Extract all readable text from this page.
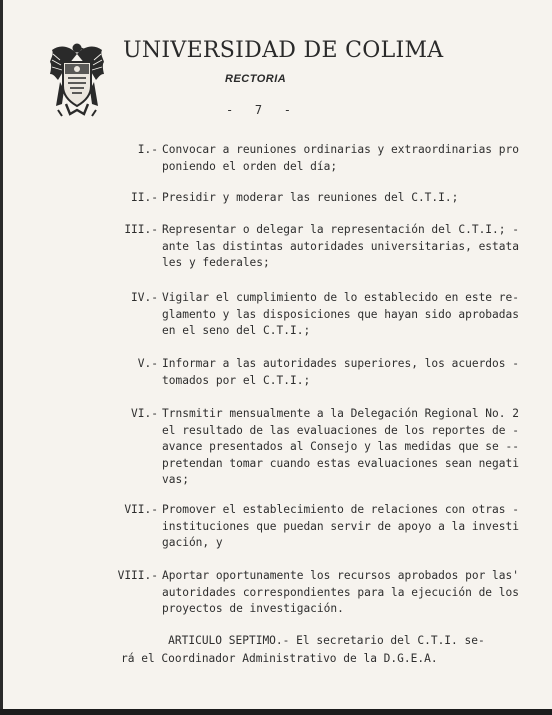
UNIVERSIDAD DE COLIMA
RECTORIA
-   7   -
I.- Convocar a reuniones ordinarias y extraordinarias pro
poniendo el orden del día;
II.- Presidir y moderar las reuniones del C.T.I.;
III.- Representar o delegar la representación del C.T.I.; -
ante las distintas autoridades universitarias, estata
les y federales;
IV.- Vigilar el cumplimiento de lo establecido en este re-
glamento y las disposiciones que hayan sido aprobadas
en el seno del C.T.I.;
V.- Informar a las autoridades superiores, los acuerdos -
tomados por el C.T.I.;
VI.- Trnsmitir mensualmente a la Delegación Regional No. 2
el resultado de las evaluaciones de los reportes de -
avance presentados al Consejo y las medidas que se --
pretendan tomar cuando estas evaluaciones sean negati
vas;
VII.- Promover el establecimiento de relaciones con otras -
instituciones que puedan servir de apoyo a la investi
gación, y
VIII.- Aportar oportunamente los recursos aprobados por las'
autoridades correspondientes para la ejecución de los
proyectos de investigación.
ARTICULO SEPTIMO.- El secretario del C.T.I. se-
rá el Coordinador Administrativo de la D.G.E.A.
